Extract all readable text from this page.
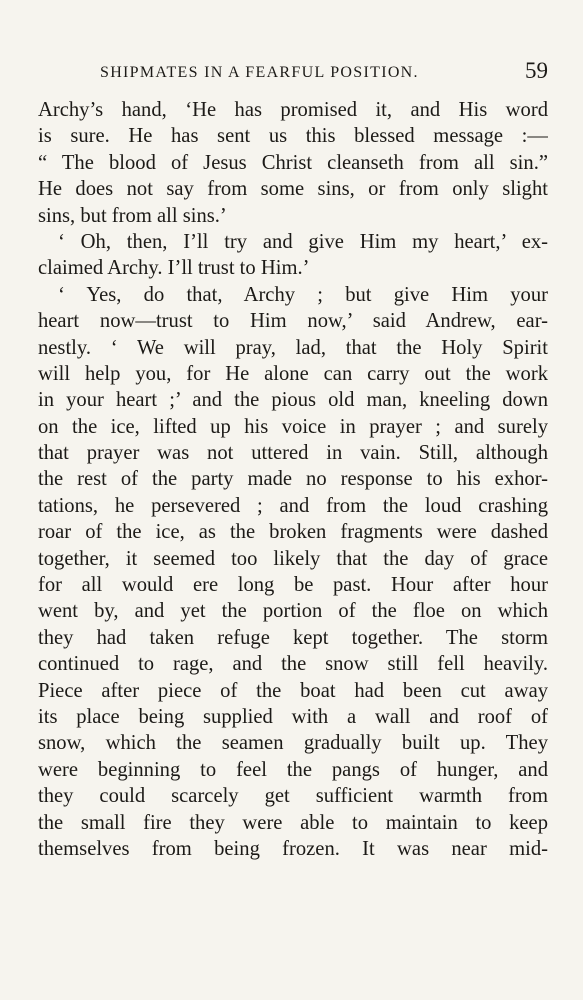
SHIPMATES IN A FEARFUL POSITION.	59
Archy’s hand, ‘He has promised it, and His word
is sure. He has sent us this blessed message :—
“ The blood of Jesus Christ cleanseth from all sin.”
He does not say from some sins, or from only slight
sins, but from all sins.’
‘ Oh, then, I’ll try and give Him my heart,’ ex-
claimed Archy. I’ll trust to Him.’
‘ Yes, do that, Archy ; but give Him your
heart now—trust to Him now,’ said Andrew, ear-
nestly. ‘ We will pray, lad, that the Holy Spirit
will help you, for He alone can carry out the work
in your heart ;’ and the pious old man, kneeling down
on the ice, lifted up his voice in prayer ; and surely
that prayer was not uttered in vain. Still, although
the rest of the party made no response to his exhor-
tations, he persevered ; and from the loud crashing
roar of the ice, as the broken fragments were dashed
together, it seemed too likely that the day of grace
for all would ere long be past. Hour after hour
went by, and yet the portion of the floe on which
they had taken refuge kept together. The storm
continued to rage, and the snow still fell heavily.
Piece after piece of the boat had been cut away
its place being supplied with a wall and roof of
snow, which the seamen gradually built up. They
were beginning to feel the pangs of hunger, and
they could scarcely get sufficient warmth from
the small fire they were able to maintain to keep
themselves from being frozen. It was near mid-
